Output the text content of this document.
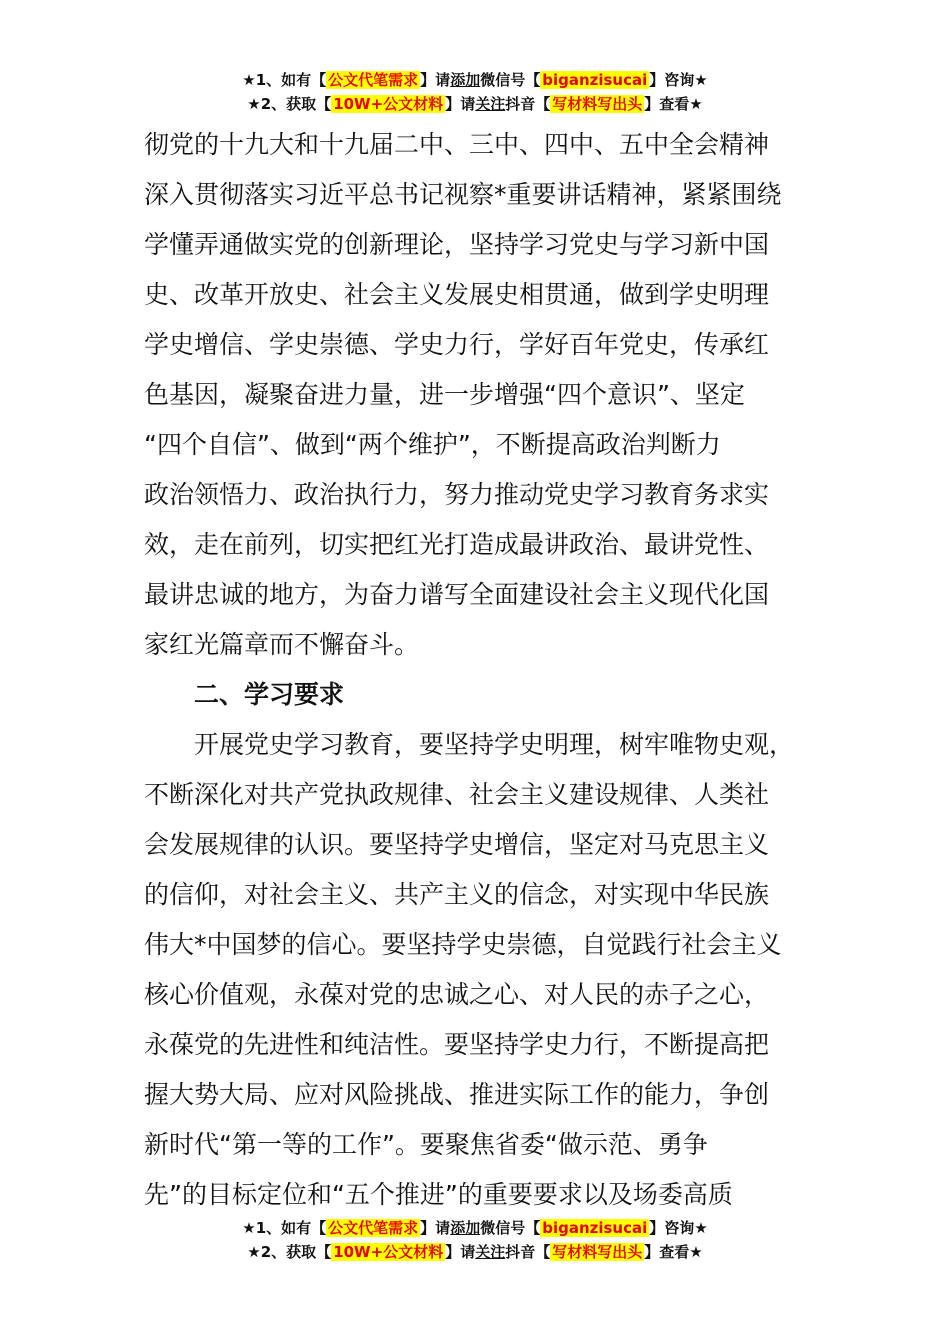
★1、如有【 公文代笔需求 】请添加微信号【 biganzisucai 】咨询★
★2、获取【 10W+公文材料 】请关注抖音【 写材料写出头 】查看★
彻党的十九大和十九届二中、三中、四中、五中全会精神
深入贯彻落实习近平总书记视察*重要讲话精神，紧紧围绕
学懂弄通做实党的创新理论，坚持学习党史与学习新中国
史、改革开放史、社会主义发展史相贯通，做到学史明理
学史增信、学史崇德、学史力行，学好百年党史，传承红
色基因，凝聚奋进力量，进一步增强“四个意识”、坚定
“四个自信”、做到“两个维护”，不断提高政治判断力
政治领悟力、政治执行力，努力推动党史学习教育务求实
效，走在前列，切实把红光打造成最讲政治、最讲党性、
最讲忠诚的地方，为奋力谱写全面建设社会主义现代化国
家红光篇章而不懈奋斗。
二、学习要求
开展党史学习教育，要坚持学史明理，树牢唯物史观，
不断深化对共产党执政规律、社会主义建设规律、人类社
会发展规律的认识。要坚持学史增信，坚定对马克思主义
的信仰，对社会主义、共产主义的信念，对实现中华民族
伟大*中国梦的信心。要坚持学史崇德，自觉践行社会主义
核心价值观，永葆对党的忠诚之心、对人民的赤子之心，
永葆党的先进性和纯洁性。要坚持学史力行，不断提高把
握大势大局、应对风险挑战、推进实际工作的能力，争创
新时代“第一等的工作”。要聚焦省委“做示范、勇争
先”的目标定位和“五个推进”的重要要求以及场委高质
★1、如有【 公文代笔需求 】请添加微信号【 biganzisucai 】咨询★
★2、获取【 10W+公文材料 】请关注抖音【 写材料写出头 】查看★
